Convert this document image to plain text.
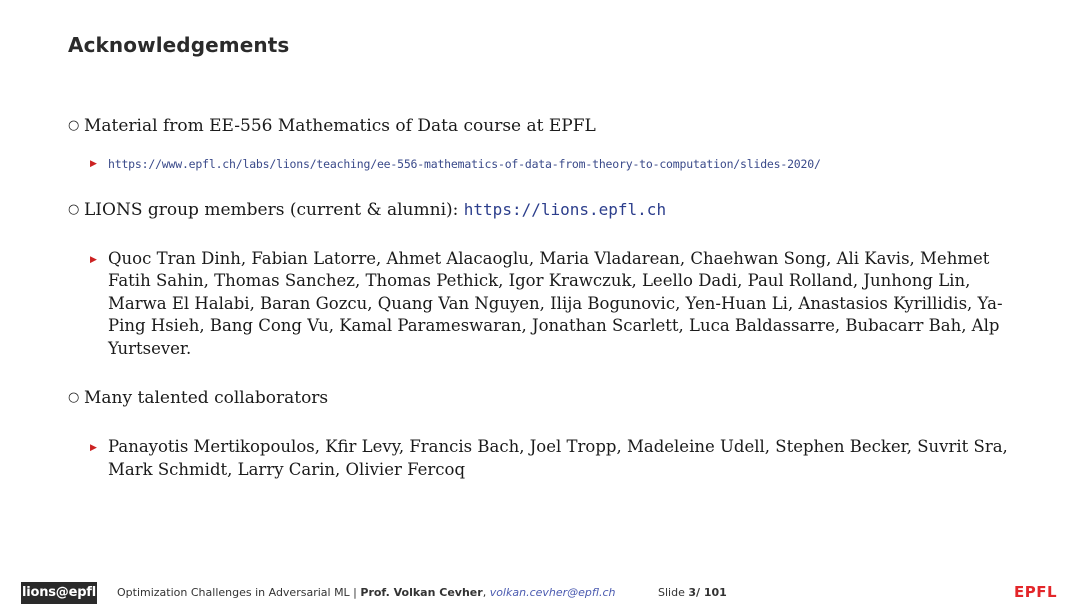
Acknowledgements
○ Material from EE-556 Mathematics of Data course at EPFL
▶ https://www.epfl.ch/labs/lions/teaching/ee-556-mathematics-of-data-from-theory-to-computation/slides-2020/
○ LIONS group members (current & alumni): https://lions.epfl.ch
▶ Quoc Tran Dinh, Fabian Latorre, Ahmet Alacaoglu, Maria Vladarean, Chaehwan Song, Ali Kavis, Mehmet Fatih Sahin, Thomas Sanchez, Thomas Pethick, Igor Krawczuk, Leello Dadi, Paul Rolland, Junhong Lin, Marwa El Halabi, Baran Gozcu, Quang Van Nguyen, Ilija Bogunovic, Yen-Huan Li, Anastasios Kyrillidis, Ya-Ping Hsieh, Bang Cong Vu, Kamal Parameswaran, Jonathan Scarlett, Luca Baldassarre, Bubacarr Bah, Alp Yurtsever.
○ Many talented collaborators
▶ Panayotis Mertikopoulos, Kfir Levy, Francis Bach, Joel Tropp, Madeleine Udell, Stephen Becker, Suvrit Sra, Mark Schmidt, Larry Carin, Olivier Fercoq
lions@epfl Optimization Challenges in Adversarial ML | Prof. Volkan Cevher, volkan.cevher@epfl.ch	Slide 3/ 101	EPFL
